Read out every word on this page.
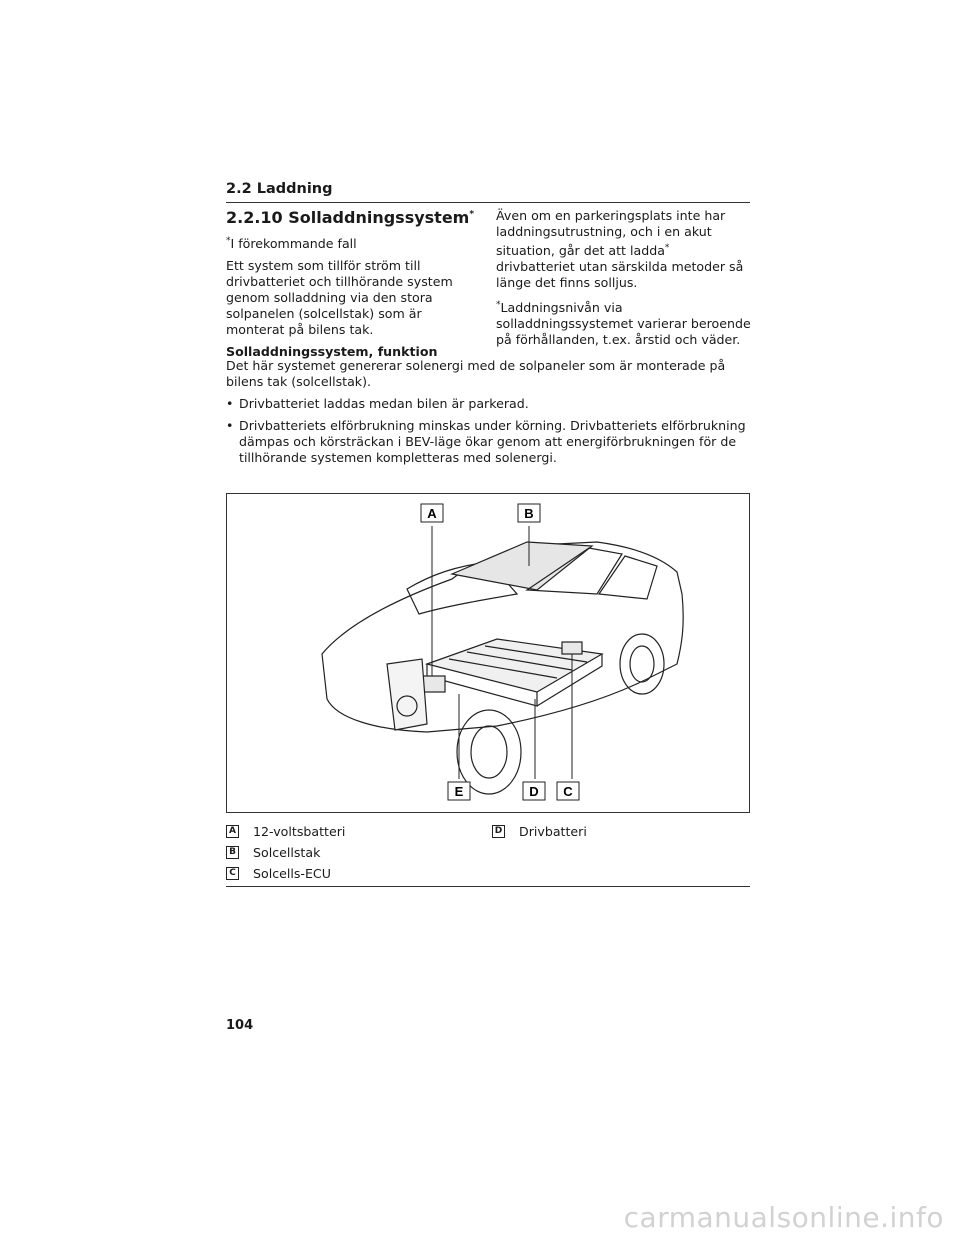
2.2 Laddning
2.2.10 Solladdningssystem*

*I förekommande fall

Ett system som tillför ström till drivbatteriet och tillhörande system genom solladdning via den stora solpanelen (solcellstak) som är monterat på bilens tak.

Solladdningssystem, funktion

Även om en parkeringsplats inte har laddningsutrustning, och i en akut situation, går det att ladda* drivbatteriet utan särskilda metoder så länge det finns solljus.

*Laddningsnivån via solladdningssystemet varierar beroende på förhållanden, t.ex. årstid och väder.

Det här systemet genererar solenergi med de solpaneler som är monterade på bilens tak (solcellstak).

• Drivbatteriet laddas medan bilen är parkerad.
• Drivbatteriets elförbrukning minskas under körning. Drivbatteriets elförbrukning dämpas och körsträckan i BEV-läge ökar genom att energiförbrukningen för de tillhörande systemen kompletteras med solenergi.
A	B
C
D
E
A 12-voltsbatteri
B Solcellstak
C Solcells-ECU
D Drivbatteri
104
carmanualsonline.info
